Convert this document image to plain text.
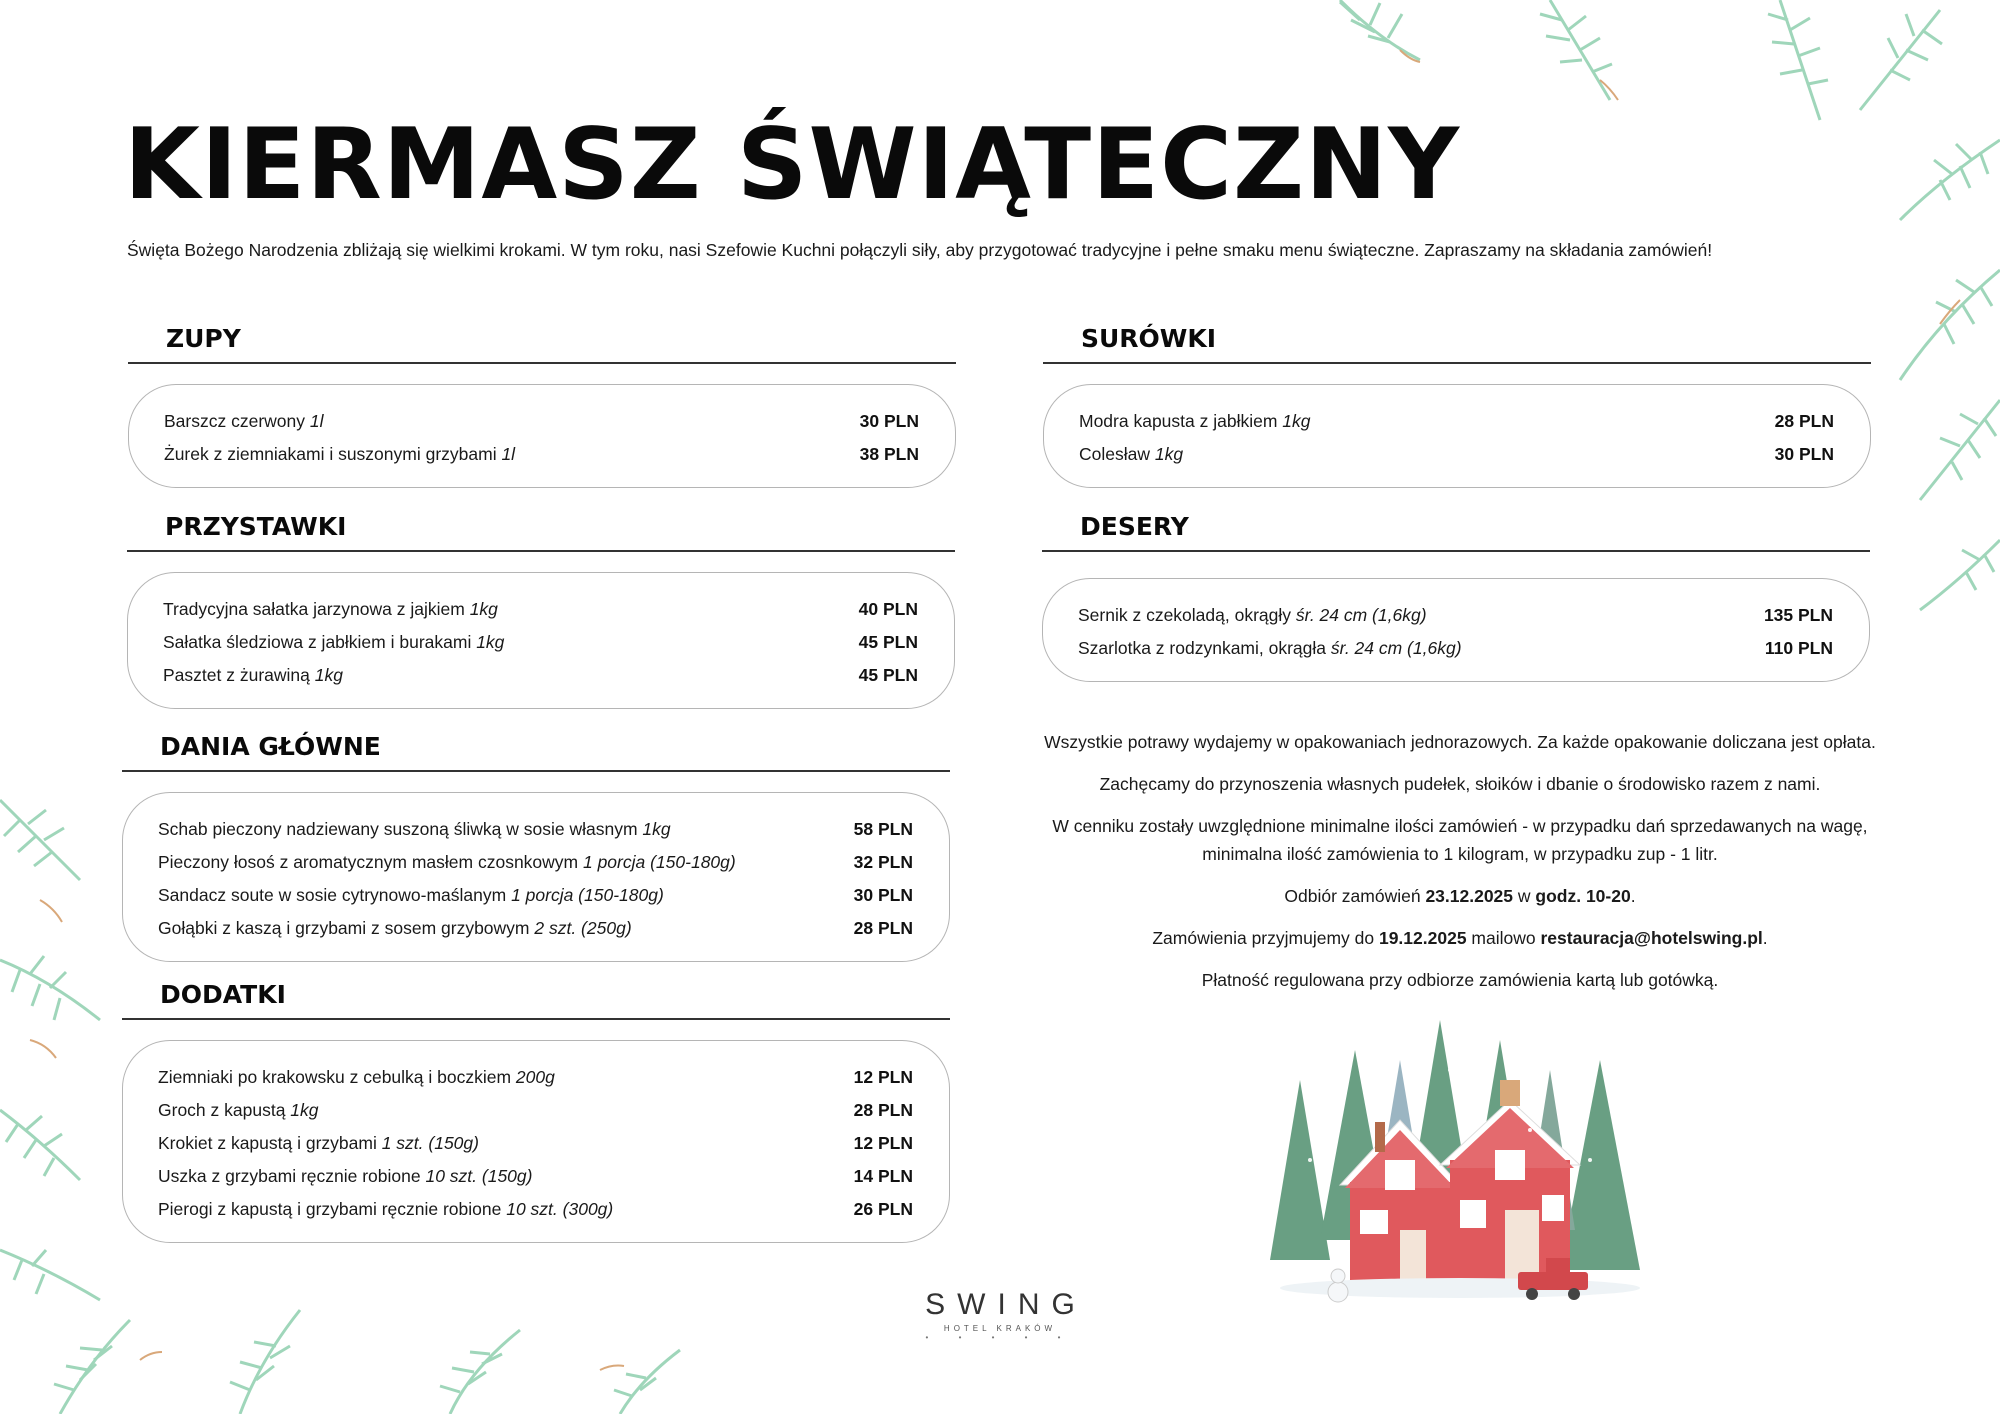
KIERMASZ ŚWIĄTECZNY
Święta Bożego Narodzenia zbliżają się wielkimi krokami. W tym roku, nasi Szefowie Kuchni połączyli siły, aby przygotować tradycyjne i pełne smaku menu świąteczne. Zapraszamy na składania zamówień!
ZUPY
Barszcz czerwony 1l	30 PLN
Żurek z ziemniakami i suszonymi grzybami 1l	38 PLN
PRZYSTAWKI
Tradycyjna sałatka jarzynowa z jajkiem 1kg	40 PLN
Sałatka śledziowa z jabłkiem i burakami 1kg	45 PLN
Pasztet z żurawiną 1kg	45 PLN
DANIA GŁÓWNE
Schab pieczony nadziewany suszoną śliwką w sosie własnym 1kg	58 PLN
Pieczony łosoś z aromatycznym masłem czosnkowym 1 porcja (150-180g)	32 PLN
Sandacz soute w sosie cytrynowo-maślanym 1 porcja (150-180g)	30 PLN
Gołąbki z kaszą i grzybami z sosem grzybowym 2 szt. (250g)	28 PLN
DODATKI
Ziemniaki po krakowsku z cebulką i boczkiem 200g	12 PLN
Groch z kapustą 1kg	28 PLN
Krokiet z kapustą i grzybami 1 szt. (150g)	12 PLN
Uszka z grzybami ręcznie robione 10 szt. (150g)	14 PLN
Pierogi z kapustą i grzybami ręcznie robione 10 szt. (300g)	26 PLN
SURÓWKI
Modra kapusta z jabłkiem 1kg	28 PLN
Colesław 1kg	30 PLN
DESERY
Sernik z czekoladą, okrągły śr. 24 cm (1,6kg)	135 PLN
Szarlotka z rodzynkami, okrągła śr. 24 cm (1,6kg)	110 PLN

Wszystkie potrawy wydajemy w opakowaniach jednorazowych. Za każde opakowanie doliczana jest opłata.

Zachęcamy do przynoszenia własnych pudełek, słoików i dbanie o środowisko razem z nami.

W cenniku zostały uwzględnione minimalne ilości zamówień - w przypadku dań sprzedawanych na wagę,
minimalna ilość zamówienia to 1 kilogram, w przypadku zup - 1 litr.

Odbiór zamówień 23.12.2025 w godz. 10-20.

Zamówienia przyjmujemy do 19.12.2025 mailowo restauracja@hotelswing.pl.

Płatność regulowana przy odbiorze zamówienia kartą lub gotówką.

SWING
HOTEL KRAKÓW
• • • • •
